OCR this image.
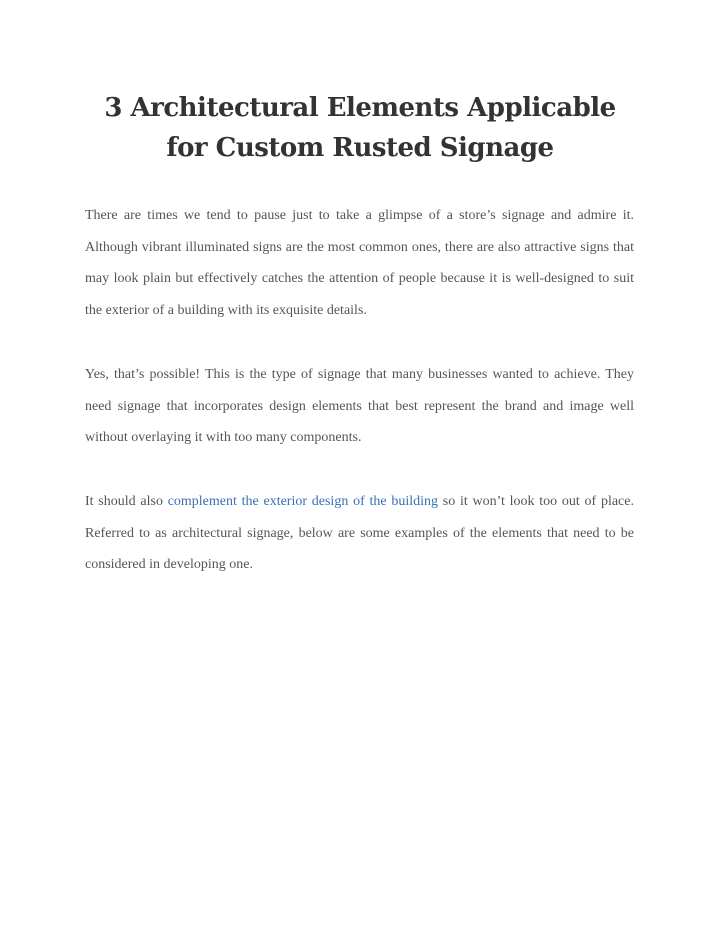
3 Architectural Elements Applicable
for Custom Rusted Signage

There are times we tend to pause just to take a glimpse of a store’s signage and admire it. Although vibrant illuminated signs are the most common ones, there are also attractive signs that may look plain but effectively catches the attention of people because it is well-designed to suit the exterior of a building with its exquisite details.

Yes, that’s possible! This is the type of signage that many businesses wanted to achieve. They need signage that incorporates design elements that best represent the brand and image well without overlaying it with too many components.

It should also complement the exterior design of the building so it won’t look too out of place. Referred to as architectural signage, below are some examples of the elements that need to be considered in developing one.
